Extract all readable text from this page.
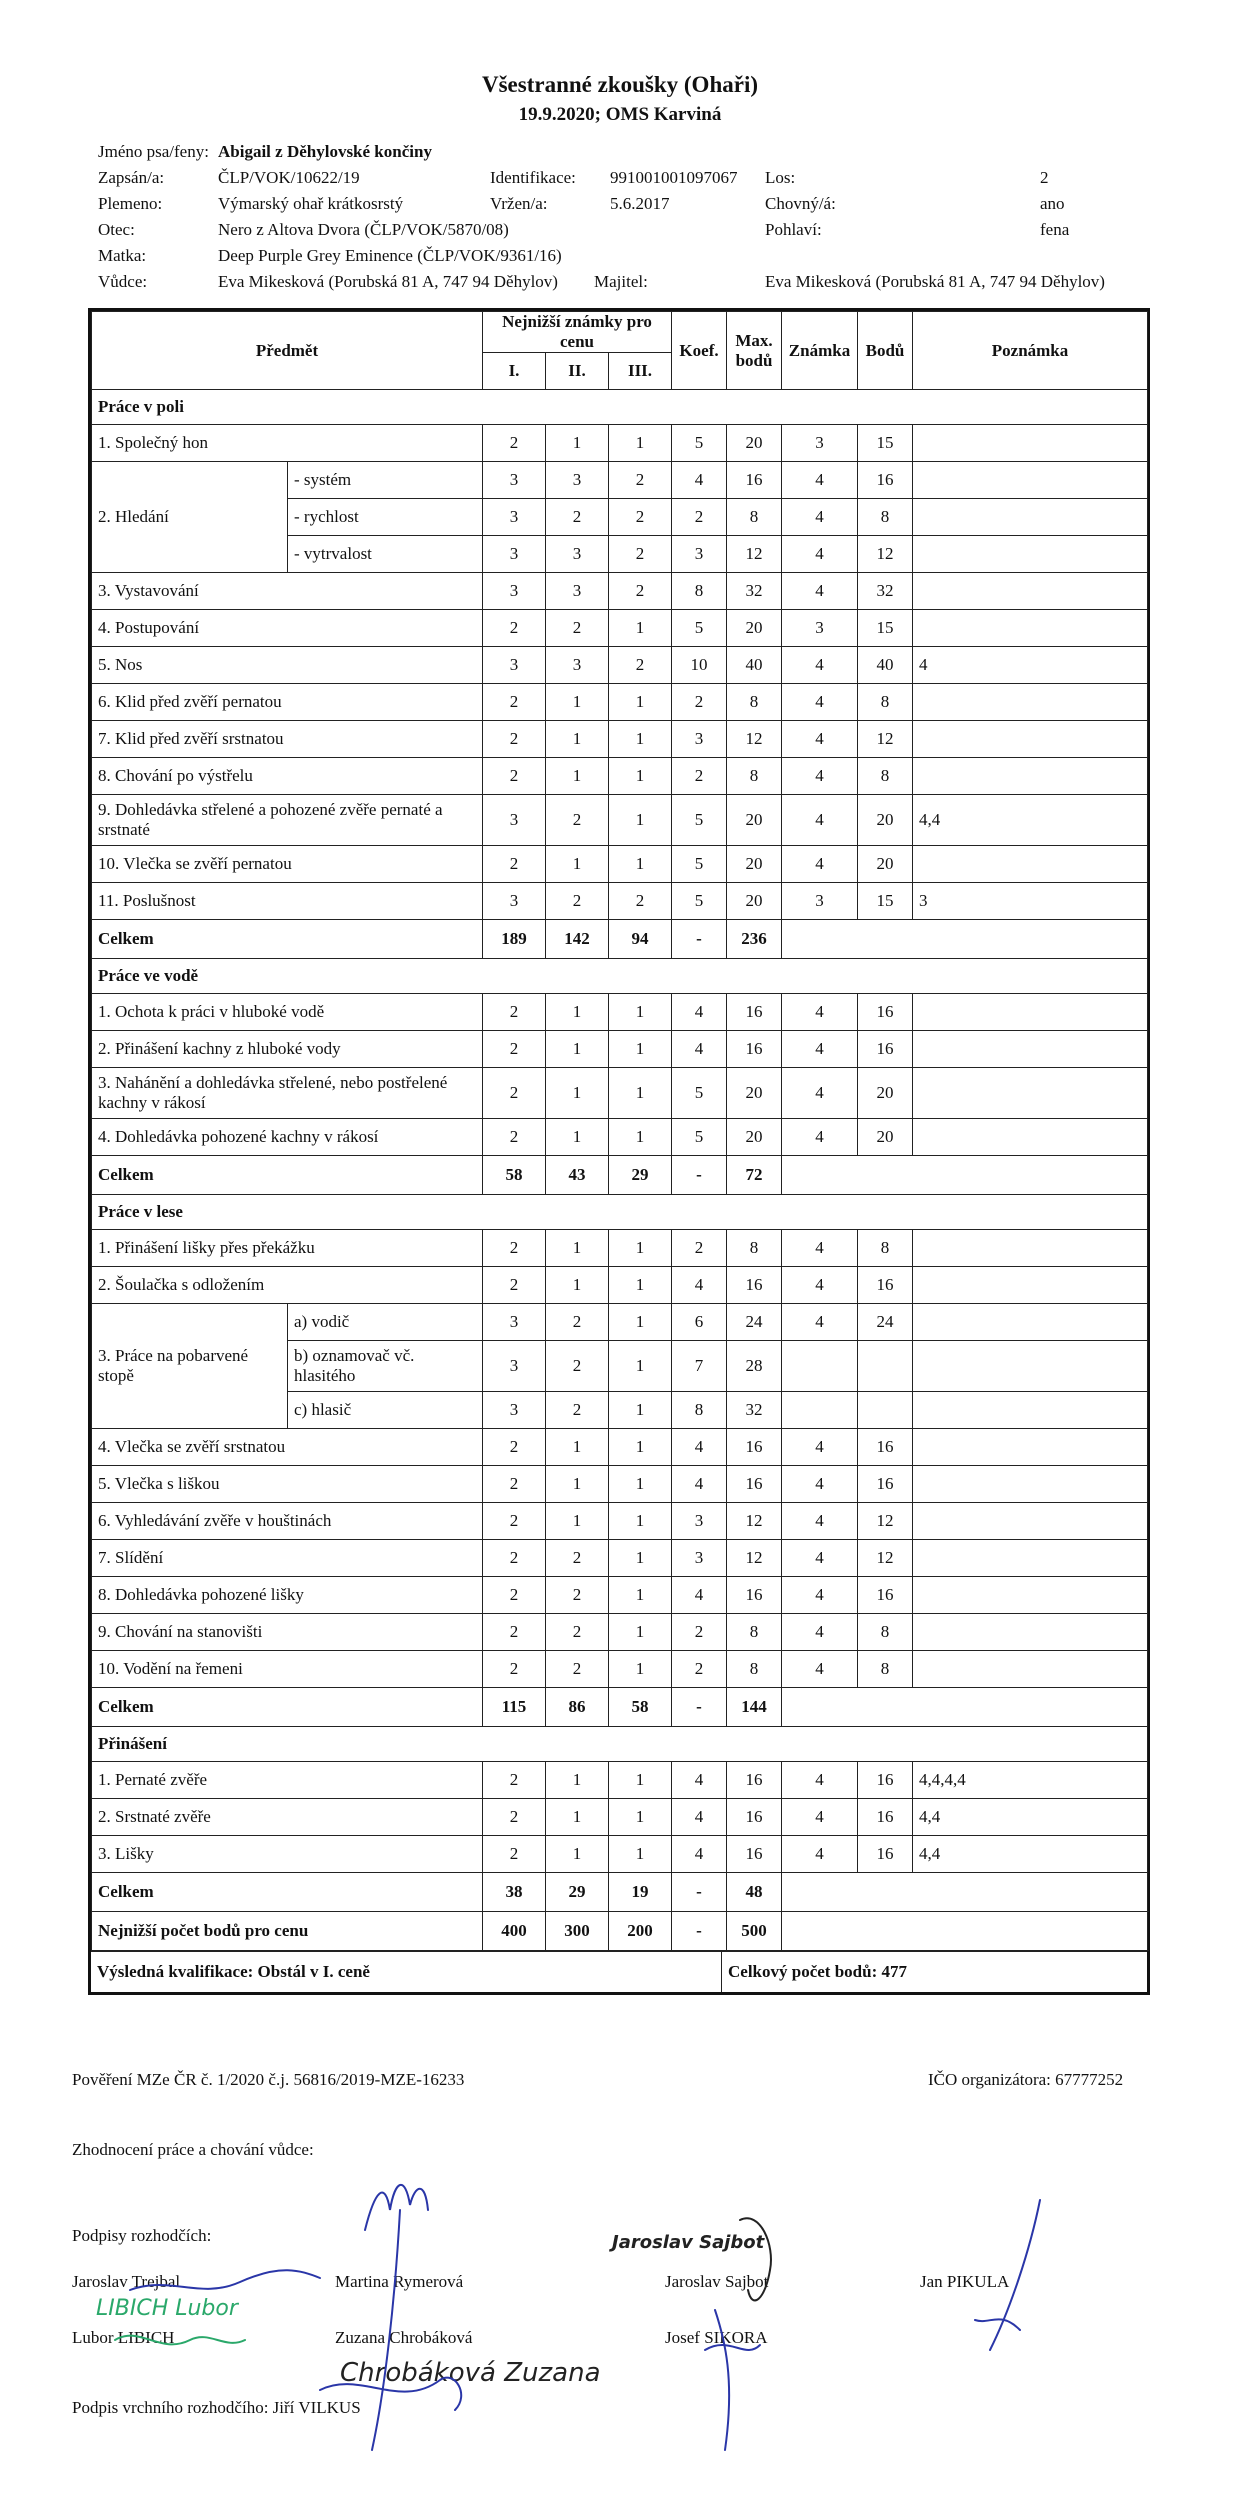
Všestranné zkoušky (Ohaři)
19.9.2020; OMS Karviná
Jméno psa/feny: Abigail z Děhylovské končiny
Zapsán/a:	ČLP/VOK/10622/19	Identifikace: 991001001097067 Los:	2
Plemeno:	Výmarský ohař krátkosrstý	Vržen/a:	5.6.2017	Chovný/á:	ano
Otec:	Nero z Altova Dvora (ČLP/VOK/5870/08)	Pohlaví:	fena
Matka:	Deep Purple Grey Eminence (ČLP/VOK/9361/16)
Vůdce:	Eva Mikesková (Porubská 81 A, 747 94 Děhylov) Majitel:	Eva Mikesková (Porubská 81 A, 747 94 Děhylov)
Předmět		Nejnižší známky pro cenu			Koef.	Max. bodů	Známka	Bodů	Poznámka
		I.	II.	III.					
Práce v poli									
1. Společný hon		2	1	1	5	20	3	15	
2. Hledání	- systém	3	3	2	4	16	4	16	
	- rychlost	3	2	2	2	8	4	8	
	- vytrvalost	3	3	2	3	12	4	12	
3. Vystavování		3	3	2	8	32	4	32	
4. Postupování		2	2	1	5	20	3	15	
5. Nos		3	3	2	10	40	4	40	4
6. Klid před zvěří pernatou		2	1	1	2	8	4	8	
7. Klid před zvěří srstnatou		2	1	1	3	12	4	12	
8. Chování po výstřelu		2	1	1	2	8	4	8	
9. Dohledávka střelené a pohozené zvěře pernaté a srstnaté		3	2	1	5	20	4	20	4,4
10. Vlečka se zvěří pernatou		2	1	1	5	20	4	20	
11. Poslušnost		3	2	2	5	20	3	15	3
Celkem		189	142	94	-	236			
Práce ve vodě									
1. Ochota k práci v hluboké vodě		2	1	1	4	16	4	16	
2. Přinášení kachny z hluboké vody		2	1	1	4	16	4	16	
3. Nahánění a dohledávka střelené, nebo postřelené kachny v rákosí		2	1	1	5	20	4	20	
4. Dohledávka pohozené kachny v rákosí		2	1	1	5	20	4	20	
Celkem		58	43	29	-	72			
Práce v lese									
1. Přinášení lišky přes překážku		2	1	1	2	8	4	8	
2. Šoulačka s odložením		2	1	1	4	16	4	16	
3. Práce na pobarvené stopě	a) vodič	3	2	1	6	24	4	24	
	b) oznamovač vč. hlasitého	3	2	1	7	28			
	c) hlasič	3	2	1	8	32			
4. Vlečka se zvěří srstnatou		2	1	1	4	16	4	16	
5. Vlečka s liškou		2	1	1	4	16	4	16	
6. Vyhledávání zvěře v houštinách		2	1	1	3	12	4	12	
7. Slídění		2	2	1	3	12	4	12	
8. Dohledávka pohozené lišky		2	2	1	4	16	4	16	
9. Chování na stanovišti		2	2	1	2	8	4	8	
10. Vodění na řemeni		2	2	1	2	8	4	8	
Celkem		115	86	58	-	144			
Přinášení									
1. Pernaté zvěře		2	1	1	4	16	4	16	4,4,4,4
2. Srstnaté zvěře		2	1	1	4	16	4	16	4,4
3. Lišky		2	1	1	4	16	4	16	4,4
Celkem		38	29	19	-	48			
Nejnižší počet bodů pro cenu		400	300	200	-	500			
Výsledná kvalifikace: Obstál v I. ceně	Celkový počet bodů: 477
Pověření MZe ČR č. 1/2020 č.j. 56816/2019-MZE-16233	IČO organizátora: 67777252
Zhodnocení práce a chování vůdce:
Podpisy rozhodčích:
Jaroslav Trejbal	Martina Rymerová	Jaroslav Sajbot	Jan PIKULA
Lubor LIBICH	Zuzana Chrobáková	Josef SIKORA
Podpis vrchního rozhodčího: Jiří VILKUS
Jaroslav Sajbot
LIBICH Lubor
Chrobáková Zuzana
